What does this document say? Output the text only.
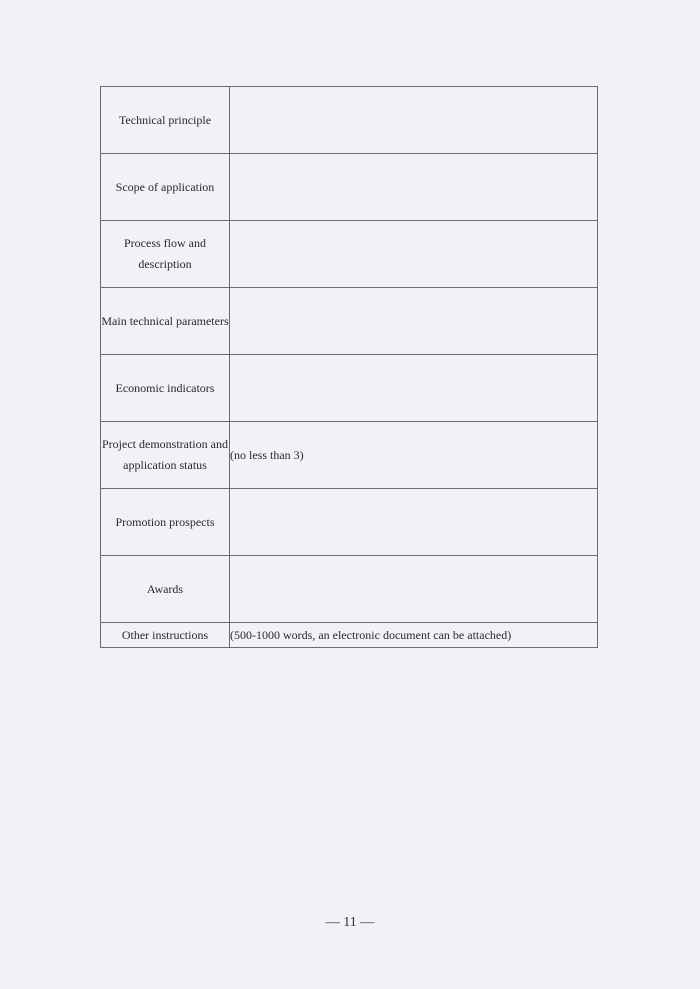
Technical principle	
Scope of application	
Process flow and description	
Main technical parameters	
Economic indicators	
Project demonstration and application status	(no less than 3)
Promotion prospects	
Awards	
Other instructions	(500-1000 words, an electronic document can be attached)
— 11 —
